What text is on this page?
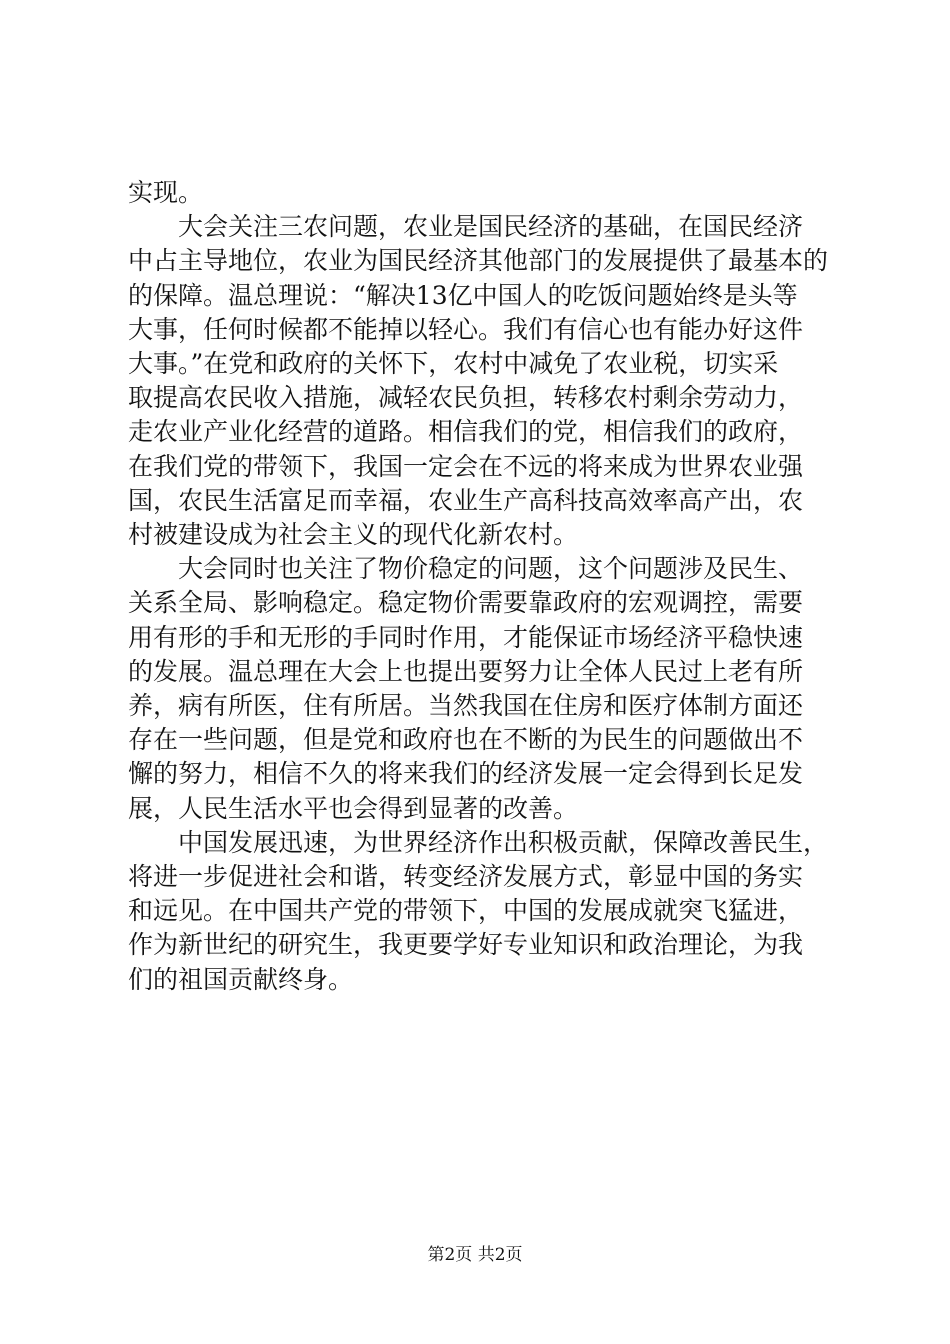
实现。
大会关注三农问题，农业是国民经济的基础，在国民经济
中占主导地位，农业为国民经济其他部门的发展提供了最基本的
的保障。温总理说：“解决13亿中国人的吃饭问题始终是头等
大事，任何时候都不能掉以轻心。我们有信心也有能办好这件
大事。”在党和政府的关怀下，农村中减免了农业税，切实采
取提高农民收入措施，减轻农民负担，转移农村剩余劳动力，
走农业产业化经营的道路。相信我们的党，相信我们的政府，
在我们党的带领下，我国一定会在不远的将来成为世界农业强
国，农民生活富足而幸福，农业生产高科技高效率高产出，农
村被建设成为社会主义的现代化新农村。
大会同时也关注了物价稳定的问题，这个问题涉及民生、
关系全局、影响稳定。稳定物价需要靠政府的宏观调控，需要
用有形的手和无形的手同时作用，才能保证市场经济平稳快速
的发展。温总理在大会上也提出要努力让全体人民过上老有所
养，病有所医，住有所居。当然我国在住房和医疗体制方面还
存在一些问题，但是党和政府也在不断的为民生的问题做出不
懈的努力，相信不久的将来我们的经济发展一定会得到长足发
展，人民生活水平也会得到显著的改善。
中国发展迅速，为世界经济作出积极贡献，保障改善民生，
将进一步促进社会和谐，转变经济发展方式，彰显中国的务实
和远见。在中国共产党的带领下，中国的发展成就突飞猛进，
作为新世纪的研究生，我更要学好专业知识和政治理论，为我
们的祖国贡献终身。
第2页 共2页
